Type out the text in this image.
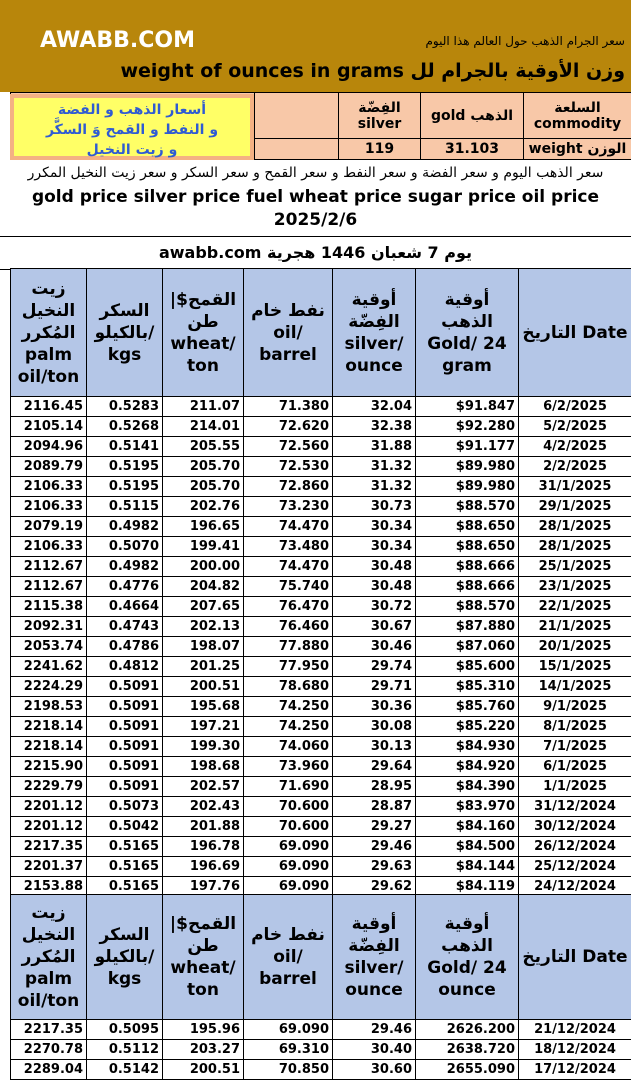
AWABB.COM	سعر الجرام الذهب حول العالم هذا اليوم
وزن الأوقية بالجرام لل weight of ounces in grams
		الفِضّة silver	الذهب gold	السلعة commodity
		119	31.103	الوزن weight
أسعار الذهب و الفضة
و النفط و القمح وَ السكَّر
و زيت النخيل
سعر الذهب اليوم و سعر الفضة و سعر النفط و سعر القمح و سعر السكر و سعر زيت النخيل المكرر
gold price silver price fuel wheat price sugar price oil price 2025/2/6
يوم 7 شعبان 1446 هجرية awabb.com
زيت النخيل المُكرر palm oil/ton	السكر بالكيلو/ kgs	القمح$| طن wheat/ ton	نفط خام oil/ barrel	أوقية الفِضّة silver/ ounce	أوقية الذهب Gold/ 24 gram	التاريخ Date
2116.45	0.5283	211.07	71.380	32.04	$91.847	6/2/2025
2105.14	0.5268	214.01	72.620	32.38	$92.280	5/2/2025
2094.96	0.5141	205.55	72.560	31.88	$91.177	4/2/2025
2089.79	0.5195	205.70	72.530	31.32	$89.980	2/2/2025
2106.33	0.5195	205.70	72.860	31.32	$89.980	31/1/2025
2106.33	0.5115	202.76	73.230	30.73	$88.570	29/1/2025
2079.19	0.4982	196.65	74.470	30.34	$88.650	28/1/2025
2106.33	0.5070	199.41	73.480	30.34	$88.650	28/1/2025
2112.67	0.4982	200.00	74.470	30.48	$88.666	25/1/2025
2112.67	0.4776	204.82	75.740	30.48	$88.666	23/1/2025
2115.38	0.4664	207.65	76.470	30.72	$88.570	22/1/2025
2092.31	0.4743	202.13	76.460	30.67	$87.880	21/1/2025
2053.74	0.4786	198.07	77.880	30.46	$87.060	20/1/2025
2241.62	0.4812	201.25	77.950	29.74	$85.600	15/1/2025
2224.29	0.5091	200.51	78.680	29.71	$85.310	14/1/2025
2198.53	0.5091	195.68	74.250	30.36	$85.760	9/1/2025
2218.14	0.5091	197.21	74.250	30.08	$85.220	8/1/2025
2218.14	0.5091	199.30	74.060	30.13	$84.930	7/1/2025
2215.90	0.5091	198.68	73.960	29.64	$84.920	6/1/2025
2229.79	0.5091	202.57	71.690	28.95	$84.390	1/1/2025
2201.12	0.5073	202.43	70.600	28.87	$83.970	31/12/2024
2201.12	0.5042	201.88	70.600	29.27	$84.160	30/12/2024
2217.35	0.5165	196.78	69.090	29.46	$84.500	26/12/2024
2201.37	0.5165	196.69	69.090	29.63	$84.144	25/12/2024
2153.88	0.5165	197.76	69.090	29.62	$84.119	24/12/2024
زيت النخيل المُكرر palm oil/ton	السكر بالكيلو/ kgs	القمح$| طن wheat/ ton	نفط خام oil/ barrel	أوقية الفِضّة silver/ ounce	أوقية الذهب Gold/ 24 ounce	التاريخ Date
2217.35	0.5095	195.96	69.090	29.46	2626.200	21/12/2024
2270.78	0.5112	203.27	69.310	30.40	2638.720	18/12/2024
2289.04	0.5142	200.51	70.850	30.60	2655.090	17/12/2024
